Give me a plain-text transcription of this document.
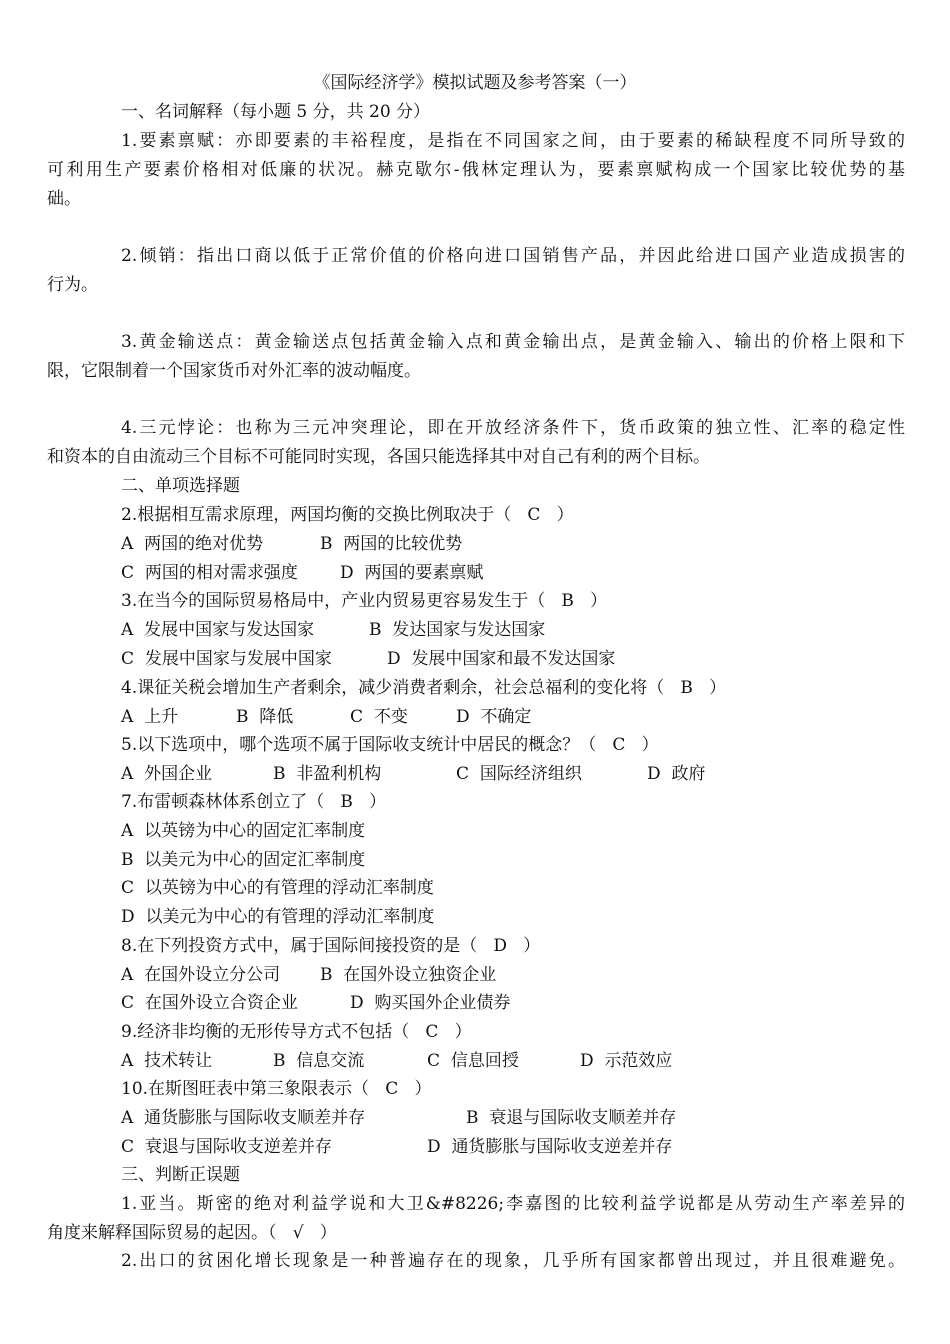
《国际经济学》模拟试题及参考答案（一）
一、名词解释（每小题 5 分，共 20 分）
1.要素禀赋：亦即要素的丰裕程度，是指在不同国家之间，由于要素的稀缺程度不同所导致的
可利用生产要素价格相对低廉的状况。赫克歇尔-俄林定理认为，要素禀赋构成一个国家比较优势的基
础。
2.倾销：指出口商以低于正常价值的价格向进口国销售产品，并因此给进口国产业造成损害的
行为。
3.黄金输送点：黄金输送点包括黄金输入点和黄金输出点，是黄金输入、输出的价格上限和下
限，它限制着一个国家货币对外汇率的波动幅度。
4.三元悖论：也称为三元冲突理论，即在开放经济条件下，货币政策的独立性、汇率的稳定性
和资本的自由流动三个目标不可能同时实现，各国只能选择其中对自己有利的两个目标。
二、单项选择题
2.根据相互需求原理，两国均衡的交换比例取决于（   C   ）
A  两国的绝对优势	B  两国的比较优势
C  两国的相对需求强度 D  两国的要素禀赋
3.在当今的国际贸易格局中，产业内贸易更容易发生于（   B   ）
A  发展中国家与发达国家	B  发达国家与发达国家
C  发展中国家与发展中国家	D  发展中国家和最不发达国家
4.课征关税会增加生产者剩余，减少消费者剩余，社会总福利的变化将（   B   ）
A  上升	B  降低	C  不变	D  不确定
5.以下选项中，哪个选项不属于国际收支统计中居民的概念？（   C   ）
A  外国企业	B  非盈利机构	C  国际经济组织	D  政府
7.布雷顿森林体系创立了（   B   ）
A  以英镑为中心的固定汇率制度
B  以美元为中心的固定汇率制度
C  以英镑为中心的有管理的浮动汇率制度
D  以美元为中心的有管理的浮动汇率制度
8.在下列投资方式中，属于国际间接投资的是（   D   ）
A  在国外设立分公司 B  在国外设立独资企业
C  在国外设立合资企业	D  购买国外企业债券
9.经济非均衡的无形传导方式不包括（   C   ）
A  技术转让	B  信息交流	C  信息回授	D  示范效应
10.在斯图旺表中第三象限表示（   C   ）
A  通货膨胀与国际收支顺差并存	B  衰退与国际收支顺差并存
C  衰退与国际收支逆差并存	D  通货膨胀与国际收支逆差并存
三、判断正误题
1.亚当。斯密的绝对利益学说和大卫&#8226;李嘉图的比较利益学说都是从劳动生产率差异的
角度来解释国际贸易的起因。（   √   ）
2.出口的贫困化增长现象是一种普遍存在的现象，几乎所有国家都曾出现过，并且很难避免。
